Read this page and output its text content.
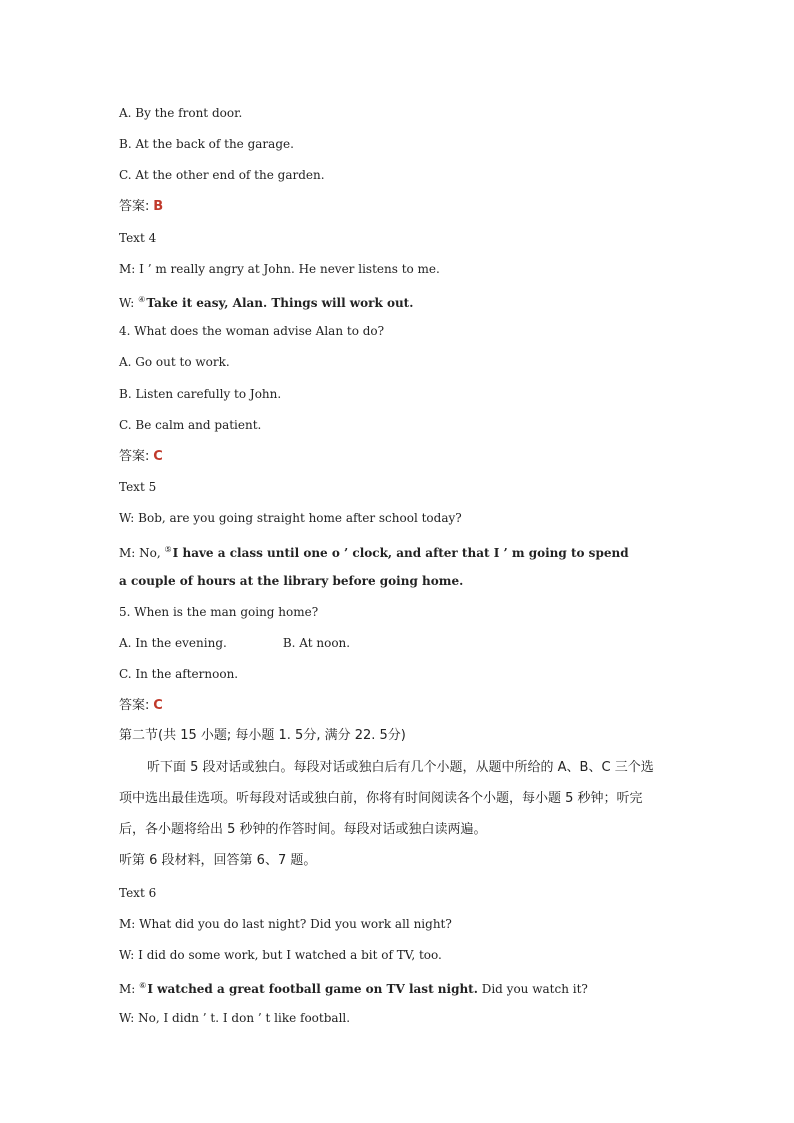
A. By the front door.
B. At the back of the garage.
C. At the other end of the garden.
答案: B
Text 4
M: I ’ m really angry at John. He never listens to me.
W: ④Take it easy, Alan. Things will work out.
4. What does the woman advise Alan to do?
A. Go out to work.
B. Listen carefully to John.
C. Be calm and patient.
答案: C
Text 5
W: Bob, are you going straight home after school today?
M: No, ⑤I have a class until one o ’ clock, and after that I ’ m going to spend
a couple of hours at the library before going home.
5. When is the man going home?
A. In the evening.	B. At noon.
C. In the afternoon.
答案: C
第二节(共 15 小题; 每小题 1. 5分, 满分 22. 5分)
听下面 5 段对话或独白。每段对话或独白后有几个小题，从题中所给的 A、B、C 三个选
项中选出最佳选项。听每段对话或独白前，你将有时间阅读各个小题，每小题 5 秒钟；听完
后，各小题将给出 5 秒钟的作答时间。每段对话或独白读两遍。
听第 6 段材料，回答第 6、7 题。
Text 6
M: What did you do last night? Did you work all night?
W: I did do some work, but I watched a bit of TV, too.
M: ⑥I watched a great football game on TV last night. Did you watch it?
W: No, I didn ’ t. I don ’ t like football.
